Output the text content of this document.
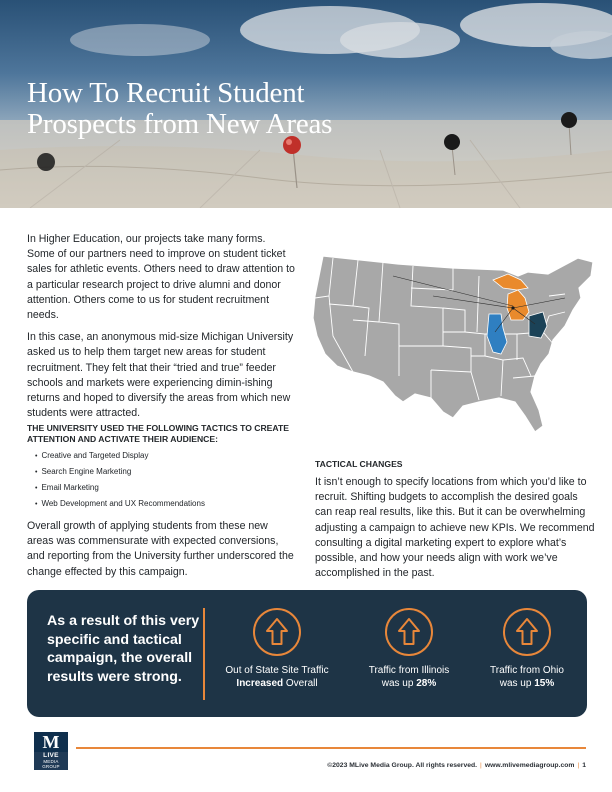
How To Recruit Student
Prospects from New Areas

In Higher Education, our projects take many forms. Some of our partners need to improve on student ticket sales for athletic events. Others need to draw attention to a particular research project to drive alumni and donor attention. Others come to us for student recruitment needs.

In this case, an anonymous mid-size Michigan University asked us to help them target new areas for student recruitment. They felt that their “tried and true” feeder schools and markets were experiencing dimin-ishing returns and hoped to diversify the areas from which new students were attracted.

THE UNIVERSITY USED THE FOLLOWING TACTICS TO CREATE ATTENTION AND ACTIVATE THEIR AUDIENCE:
• Creative and Targeted Display
• Search Engine Marketing
• Email Marketing
• Web Development and UX Recommendations
Overall growth of applying students from these new areas was commensurate with expected conversions, and reporting from the University further underscored the change effected by this campaign.
TACTICAL CHANGES
It isn’t enough to specify locations from which you’d like to recruit. Shifting budgets to accomplish the desired goals can reap real results, like this. But it can be overwhelming adjusting a campaign to achieve new KPIs. We recommend consulting a digital marketing expert to explore what’s possible, and how your needs align with work we’ve accomplished in the past.
As a result of this very specific and tactical campaign, the overall results were strong.	Out of State Site Traffic
Increased Overall
Traffic from Illinois
was up 28%
Traffic from Ohio
was up 15%
M
LIVE
MEDIA
GROUP	©2023 MLive Media Group. All rights reserved. | www.mlivemediagroup.com | 1
